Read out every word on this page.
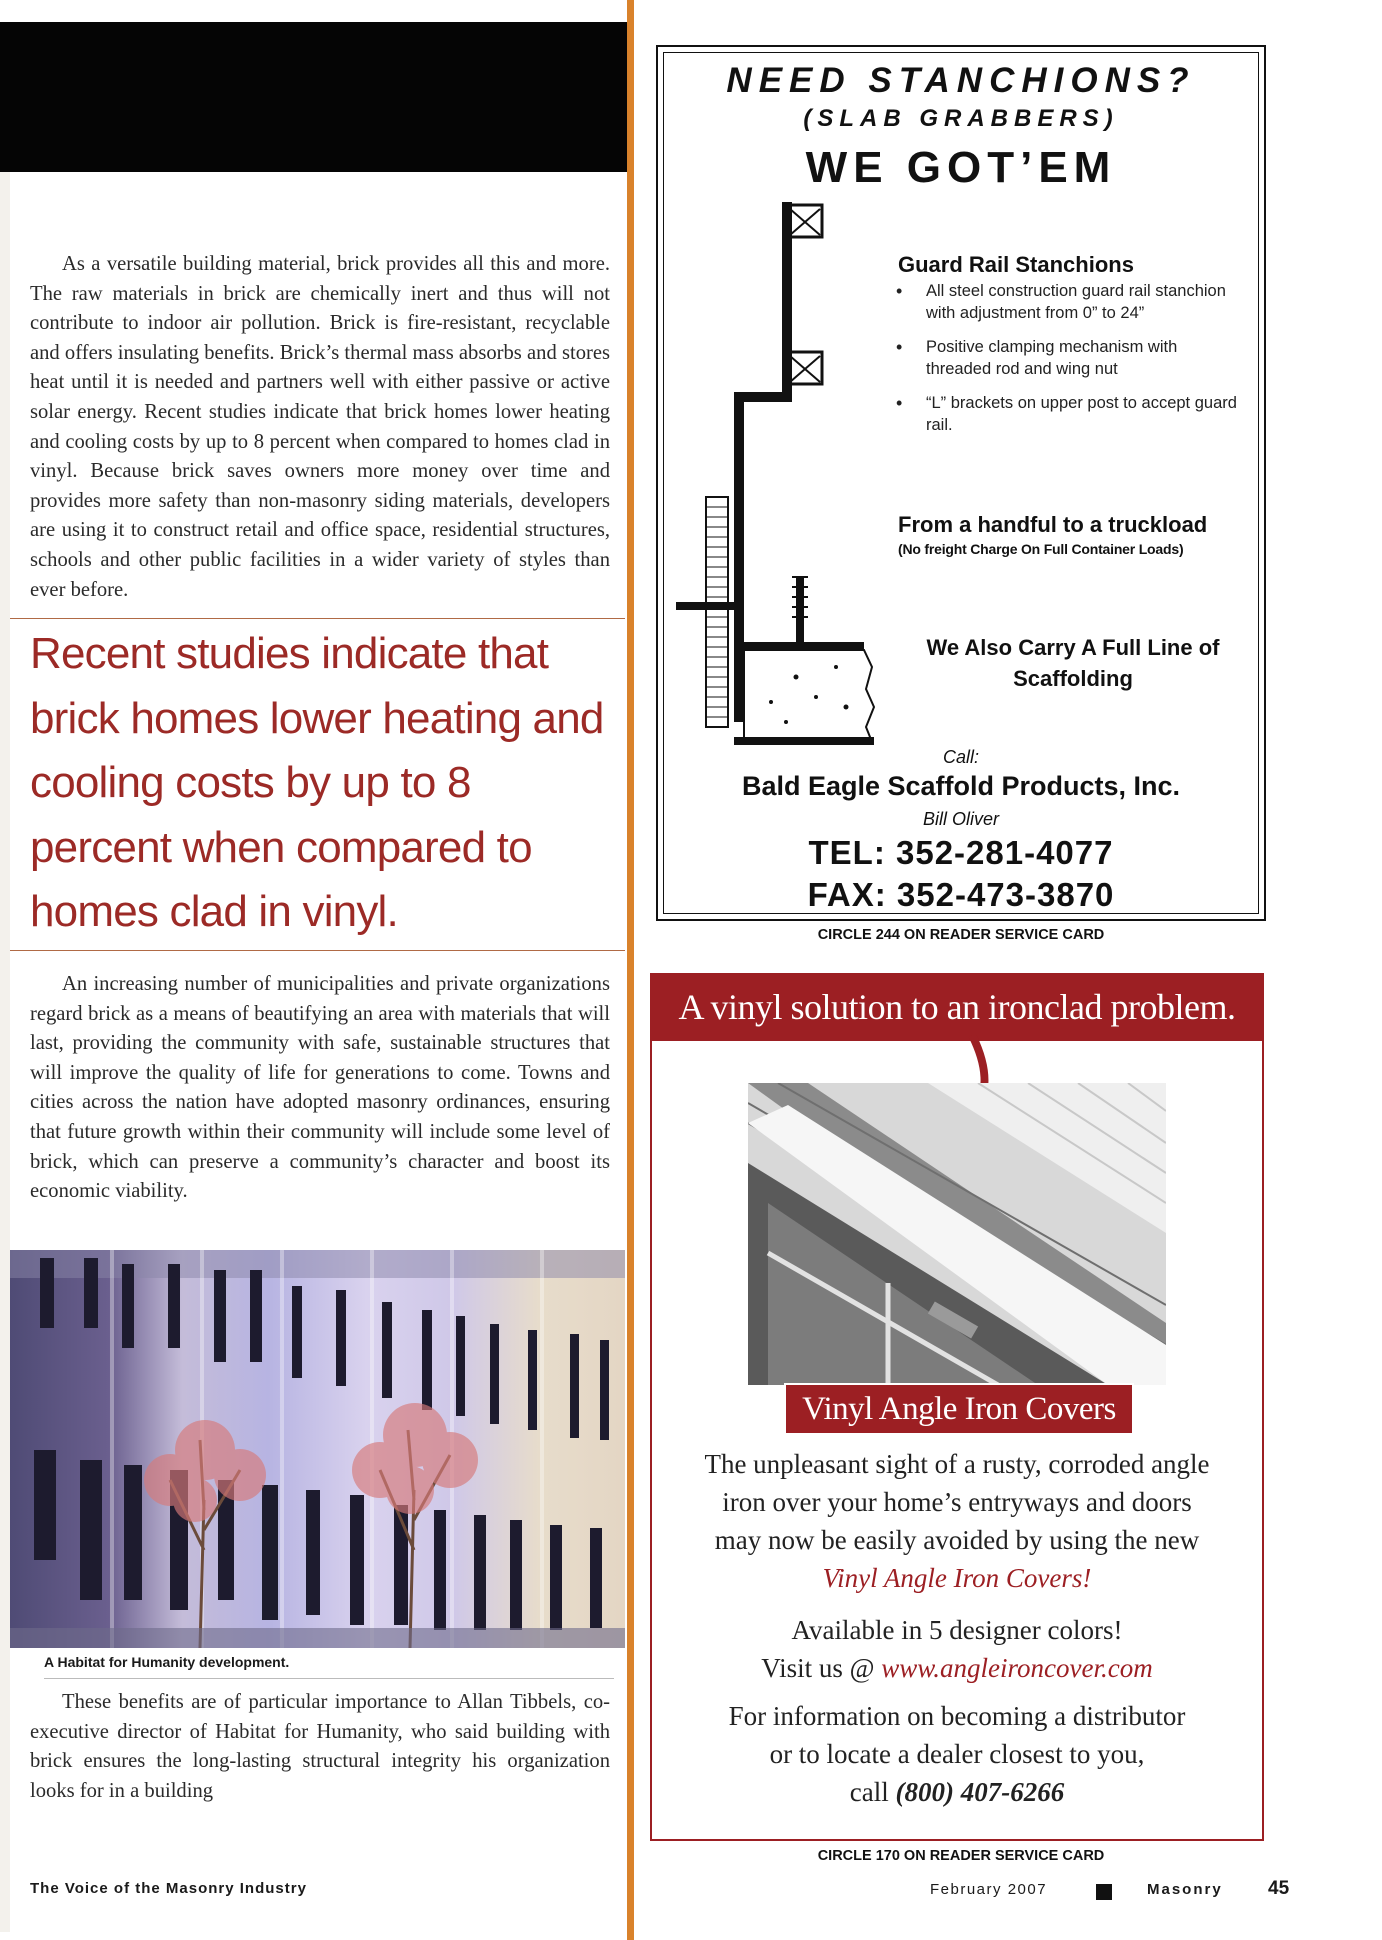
As a versatile building material, brick provides all this and more. The raw materials in brick are chemically inert and thus will not contribute to indoor air pollution. Brick is fire-resistant, recyclable and offers insulating benefits. Brick’s thermal mass absorbs and stores heat until it is needed and partners well with either passive or active solar energy. Recent studies indicate that brick homes lower heating and cooling costs by up to 8 percent when compared to homes clad in vinyl. Because brick saves owners more money over time and provides more safety than non-masonry siding materials, developers are using it to construct retail and office space, residential structures, schools and other public facilities in a wider variety of styles than ever before.

Recent studies indicate that brick homes lower heating and cooling costs by up to 8 percent when compared to homes clad in vinyl.

An increasing number of municipalities and private organizations regard brick as a means of beautifying an area with materials that will last, providing the community with safe, sustainable structures that will improve the quality of life for generations to come. Towns and cities across the nation have adopted masonry ordinances, ensuring that future growth within their community will include some level of brick, which can preserve a community’s character and boost its economic viability.

A Habitat for Humanity development.

These benefits are of particular importance to Allan Tibbels, co-executive director of Habitat for Humanity, who said building with brick ensures the long-lasting structural integrity his organization looks for in a building

The Voice of the Masonry Industry	February 2007	Masonry 45
NEED STANCHIONS?
(SLAB GRABBERS)
WE GOT’EM
Guard Rail Stanchions
• All steel construction guard rail stanchion with adjustment from 0” to 24”
• Positive clamping mechanism with threaded rod and wing nut
• “L” brackets on upper post to accept guard rail.
From a handful to a truckload
(No freight Charge On Full Container Loads)
We Also Carry A Full Line of Scaffolding
Call:
Bald Eagle Scaffold Products, Inc.
Bill Oliver
TEL: 352-281-4077
FAX: 352-473-3870
CIRCLE 244 ON READER SERVICE CARD
A vinyl solution to an ironclad problem.
Vinyl Angle Iron Covers
The unpleasant sight of a rusty, corroded angle
iron over your home’s entryways and doors
may now be easily avoided by using the new
Vinyl Angle Iron Covers!
Available in 5 designer colors!
Visit us @ www.angleironcover.com
For information on becoming a distributor
or to locate a dealer closest to you,
call (800) 407-6266
CIRCLE 170 ON READER SERVICE CARD
